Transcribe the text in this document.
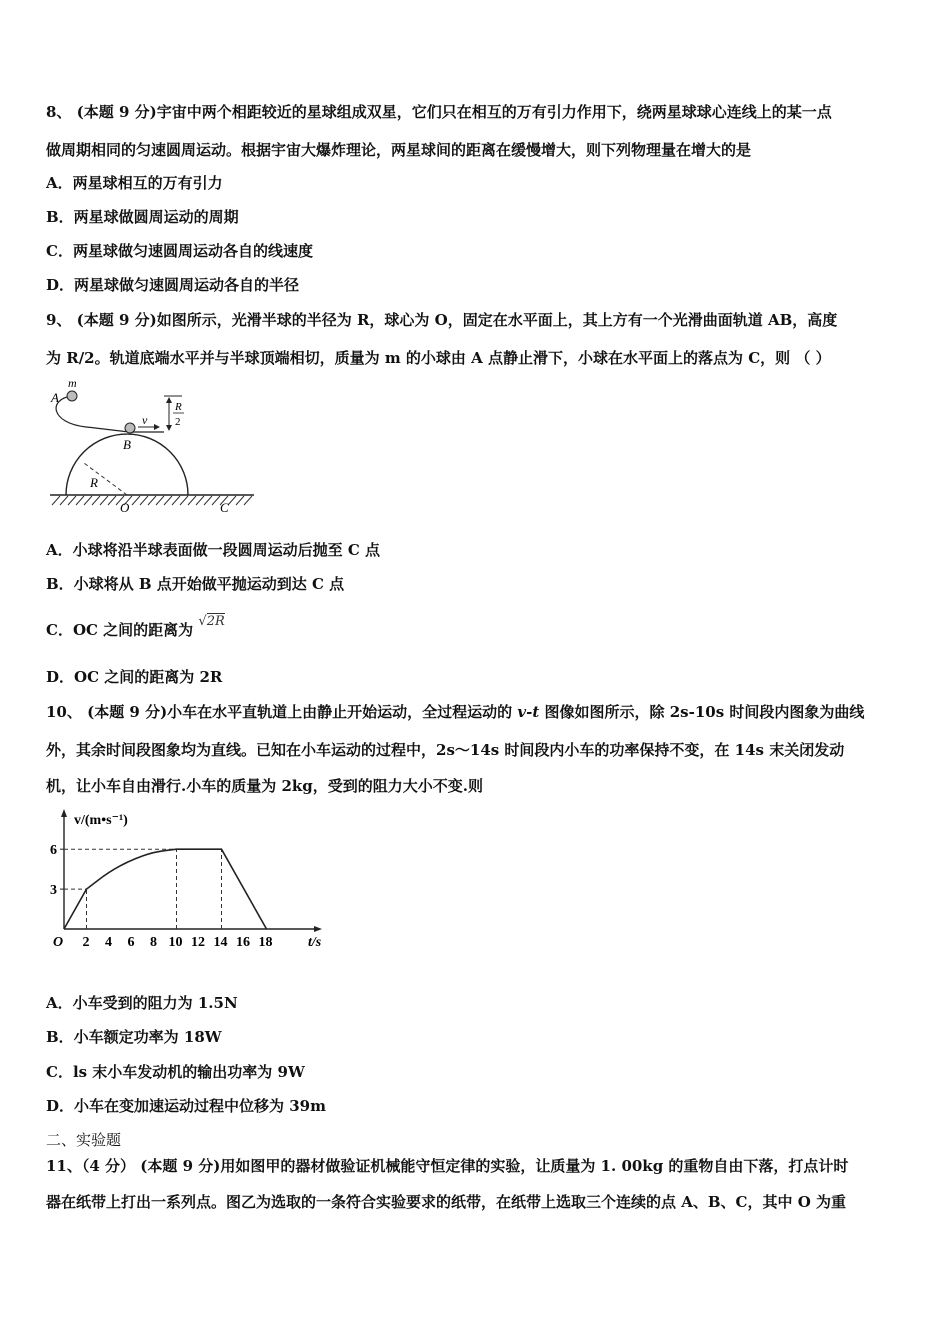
8、 (本题 9 分)宇宙中两个相距较近的星球组成双星，它们只在相互的万有引力作用下，绕两星球球心连线上的某一点
做周期相同的匀速圆周运动。根据宇宙大爆炸理论，两星球间的距离在缓慢增大，则下列物理量在增大的是
A．两星球相互的万有引力
B．两星球做圆周运动的周期
C．两星球做匀速圆周运动各自的线速度
D．两星球做匀速圆周运动各自的半径
9、 (本题 9 分)如图所示，光滑半球的半径为 R，球心为 O，固定在水平面上，其上方有一个光滑曲面轨道 AB，高度
为 R/2。轨道底端水平并与半球顶端相切，质量为 m 的小球由 A 点静止滑下，小球在水平面上的落点为 C，则 （ ）
m
A
v
B
R
2
R
O	C
A．小球将沿半球表面做一段圆周运动后抛至 C 点
B．小球将从 B 点开始做平抛运动到达 C 点
C．OC 之间的距离为 √2R
D．OC 之间的距离为 2R
10、 (本题 9 分)小车在水平直轨道上由静止开始运动，全过程运动的 v-t 图像如图所示，除 2s-10s 时间段内图象为曲线
外，其余时间段图象均为直线。已知在小车运动的过程中，2s～14s 时间段内小车的功率保持不变，在 14s 末关闭发动
机，让小车自由滑行.小车的质量为 2kg，受到的阻力大小不变.则
2 4 6 8 10 12 14 16 18
3
6
v/(m•s⁻¹)
t/s
O
A．小车受到的阻力为 1.5N
B．小车额定功率为 18W
C．ls 末小车发动机的输出功率为 9W
D．小车在变加速运动过程中位移为 39m
二、实验题
11、（4 分） (本题 9 分)用如图甲的器材做验证机械能守恒定律的实验，让质量为 1. 00kg 的重物自由下落，打点计时
器在纸带上打出一系列点。图乙为选取的一条符合实验要求的纸带，在纸带上选取三个连续的点 A、B、C，其中 O 为重
